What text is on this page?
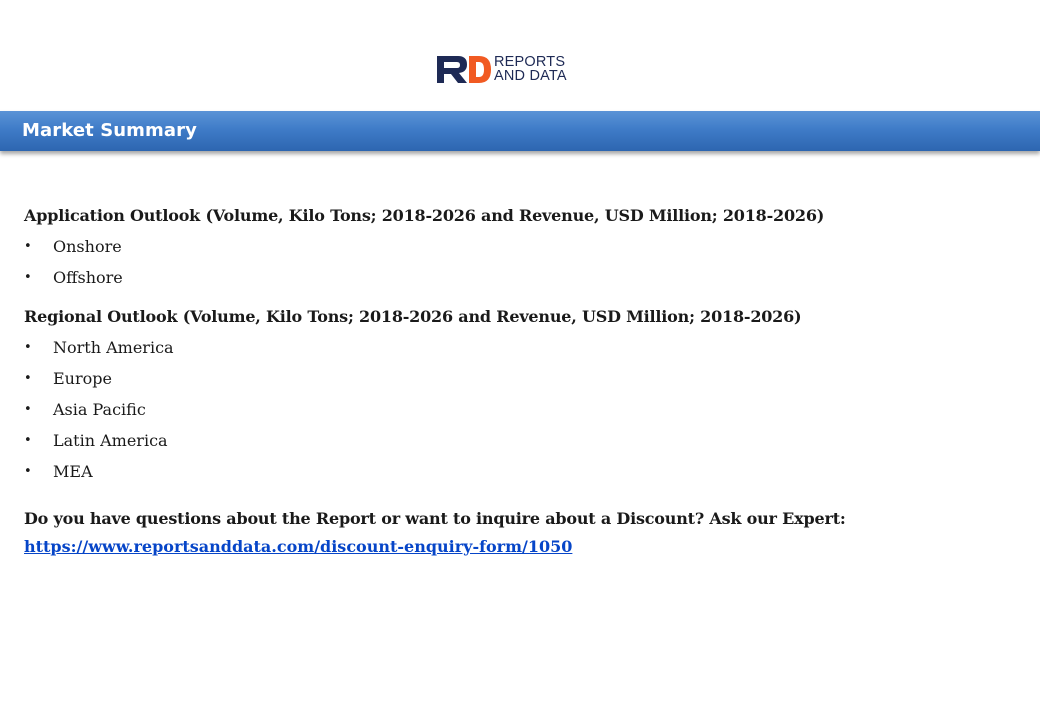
REPORTS
AND DATA
Market Summary

Application Outlook (Volume, Kilo Tons; 2018-2026 and Revenue, USD Million; 2018-2026)

• Onshore
• Offshore

Regional Outlook (Volume, Kilo Tons; 2018-2026 and Revenue, USD Million; 2018-2026)

• North America
• Europe
• Asia Pacific
• Latin America
• MEA

Do you have questions about the Report or want to inquire about a Discount? Ask our Expert:

https://www.reportsanddata.com/discount-enquiry-form/1050
